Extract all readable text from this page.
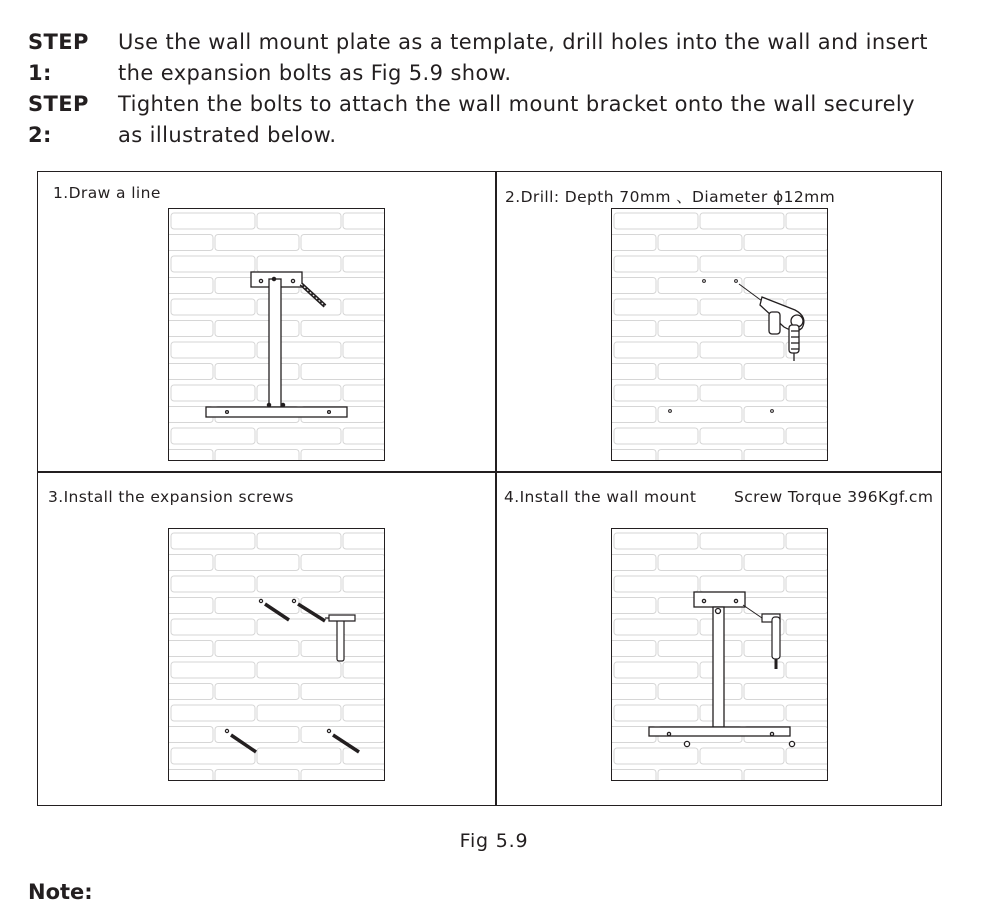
STEP 1:
Use the wall mount plate as a template, drill holes into the wall and insert
the expansion bolts as Fig 5.9 show.
STEP 2:
Tighten the bolts to attach the wall mount bracket onto the wall securely
as illustrated below.
1.Draw a line	2.Drill: Depth 70mm 、Diameter ϕ12mm
3.Install the expansion screws	4.Install the wall mount Screw Torque 396Kgf.cm
Fig 5.9
Note:
